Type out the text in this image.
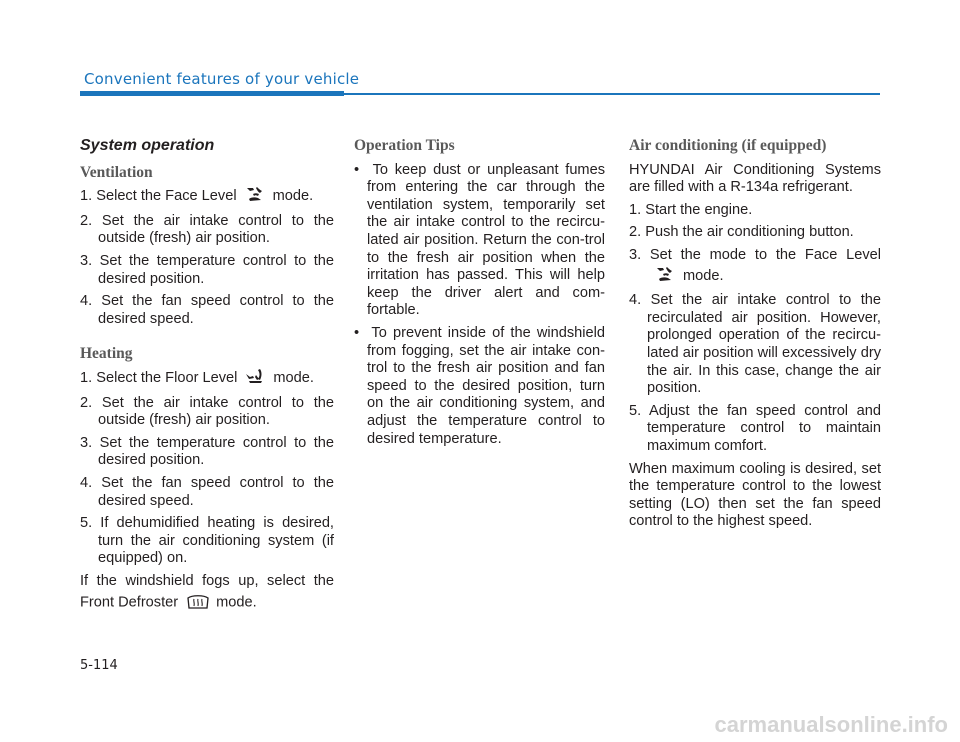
Convenient features of your vehicle
System operation
Ventilation
1. Select the Face Level mode.
2. Set the air intake control to the outside (fresh) air position.
3. Set the temperature control to the desired position.
4. Set the fan speed control to the desired speed.
Heating
1. Select the Floor Level mode.
2. Set the air intake control to the outside (fresh) air position.
3. Set the temperature control to the desired position.
4. Set the fan speed control to the desired speed.
5. If dehumidified heating is desired, turn the air conditioning system (if equipped) on.
If the windshield fogs up, select the Front Defroster	mode.
Operation Tips
•  To keep dust or unpleasant fumes from entering the car through the ventilation system, temporarily set the air intake control to the recircu-lated air position. Return the con-trol to the fresh air position when the irritation has passed. This will help keep the driver alert and com-fortable.
•  To prevent inside of the windshield from fogging, set the air intake con-trol to the fresh air position and fan speed to the desired position, turn on the air conditioning system, and adjust the temperature control to desired temperature.
Air conditioning (if equipped)
HYUNDAI Air Conditioning Systems are filled with a R-134a refrigerant.
1. Start the engine.
2. Push the air conditioning button.
3. Set the mode to the Face Level mode.
4. Set the air intake control to the recirculated air position. However, prolonged operation of the recircu-lated air position will excessively dry the air. In this case, change the air position.
5. Adjust the fan speed control and temperature control to maintain maximum comfort.
When maximum cooling is desired, set the temperature control to the lowest setting (LO) then set the fan speed control to the highest speed.
5-114
carmanualsonline.info
